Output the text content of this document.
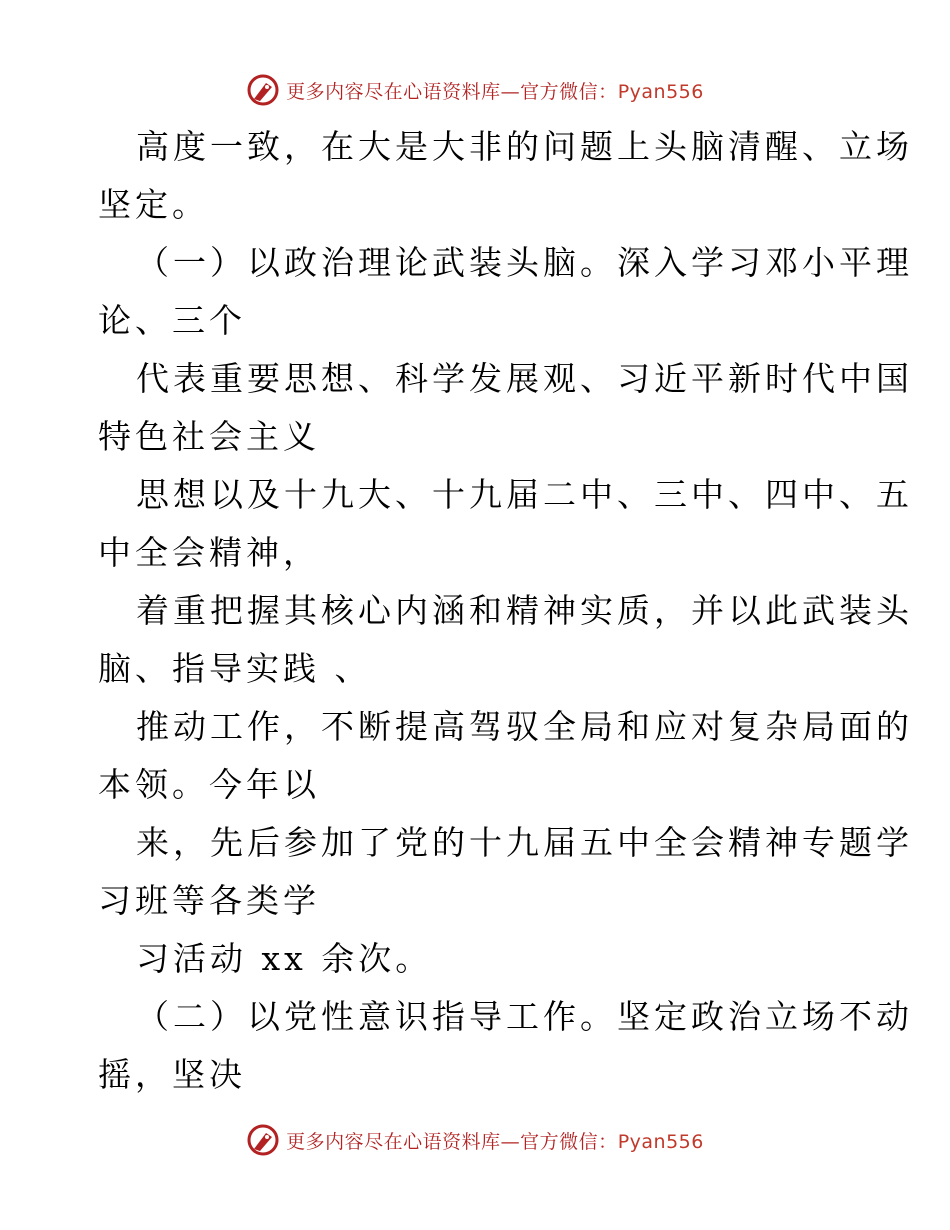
更多内容尽在心语资料库—官方微信：Pyan556

高度一致，在大是大非的问题上头脑清醒、立场
坚定。

（一）以政治理论武装头脑。深入学习邓小平理
论、三个

代表重要思想、科学发展观、习近平新时代中国
特色社会主义

思想以及十九大、十九届二中、三中、四中、五
中全会精神，

着重把握其核心内涵和精神实质，并以此武装头
脑、指导实践 、

推动工作，不断提高驾驭全局和应对复杂局面的
本领。今年以

来，先后参加了党的十九届五中全会精神专题学
习班等各类学

习活动 xx 余次。

（二）以党性意识指导工作。坚定政治立场不动
摇，坚决

更多内容尽在心语资料库—官方微信：Pyan556
